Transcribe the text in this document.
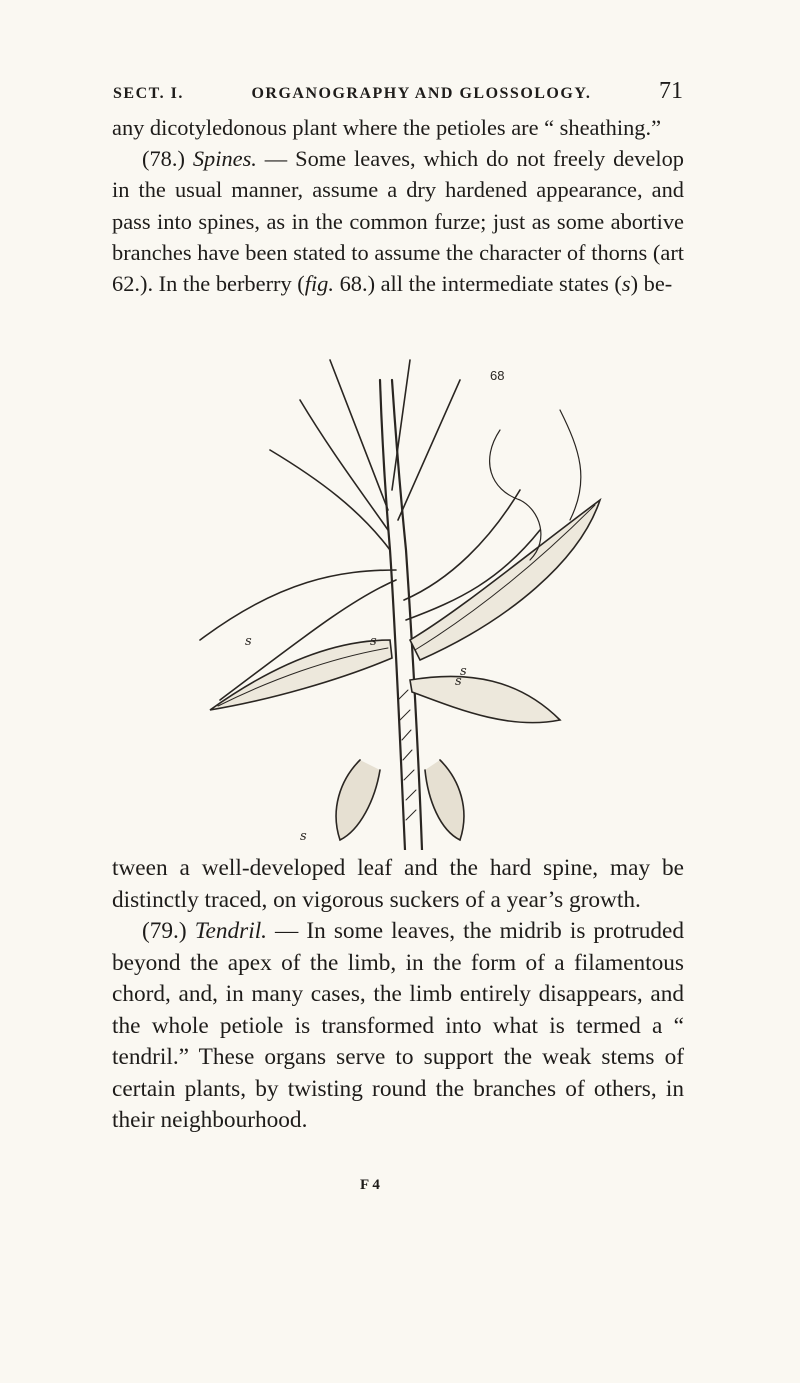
SECT. I.	ORGANOGRAPHY AND GLOSSOLOGY.	71

any dicotyledonous plant where the petioles are “ sheathing.”

(78.) Spines. — Some leaves, which do not freely develop in the usual manner, assume a dry hardened appearance, and pass into spines, as in the common furze; just as some abortive branches have been stated to assume the character of thorns (art 62.). In the berberry (fig. 68.) all the intermediate states (s) be-

68
s
s
s
s
s

tween a well-developed leaf and the hard spine, may be distinctly traced, on vigorous suckers of a year’s growth.

(79.) Tendril. — In some leaves, the midrib is protruded beyond the apex of the limb, in the form of a filamentous chord, and, in many cases, the limb entirely disappears, and the whole petiole is transformed into what is termed a “ tendril.” These organs serve to support the weak stems of certain plants, by twisting round the branches of others, in their neighbourhood.

F 4
